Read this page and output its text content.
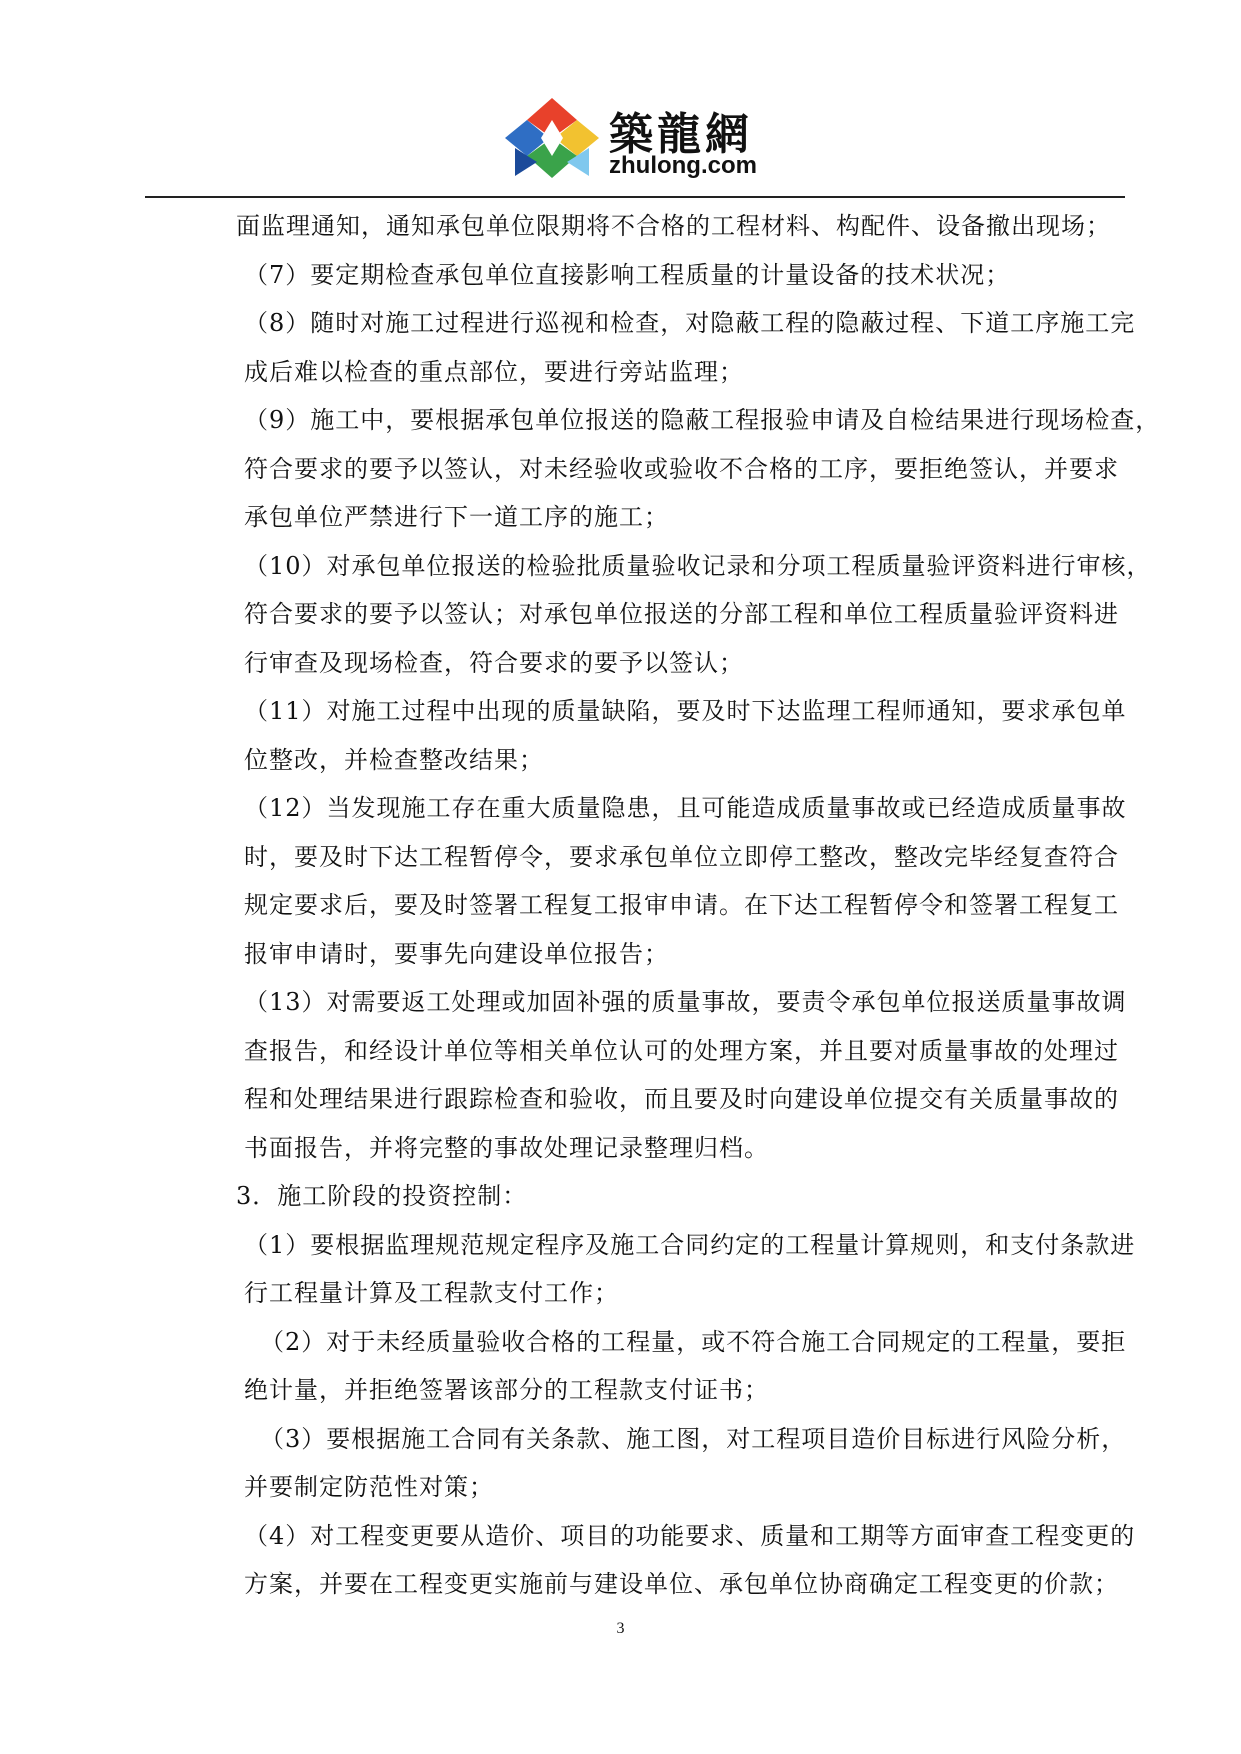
築龍網
zhulong.com
面监理通知，通知承包单位限期将不合格的工程材料、构配件、设备撤出现场；
（7）要定期检查承包单位直接影响工程质量的计量设备的技术状况；
（8）随时对施工过程进行巡视和检查，对隐蔽工程的隐蔽过程、下道工序施工完
成后难以检查的重点部位，要进行旁站监理；
（9）施工中，要根据承包单位报送的隐蔽工程报验申请及自检结果进行现场检查，
符合要求的要予以签认，对未经验收或验收不合格的工序，要拒绝签认，并要求
承包单位严禁进行下一道工序的施工；
（10）对承包单位报送的检验批质量验收记录和分项工程质量验评资料进行审核，
符合要求的要予以签认；对承包单位报送的分部工程和单位工程质量验评资料进
行审查及现场检查，符合要求的要予以签认；
（11）对施工过程中出现的质量缺陷，要及时下达监理工程师通知，要求承包单
位整改，并检查整改结果；
（12）当发现施工存在重大质量隐患，且可能造成质量事故或已经造成质量事故
时，要及时下达工程暂停令，要求承包单位立即停工整改，整改完毕经复查符合
规定要求后，要及时签署工程复工报审申请。在下达工程暂停令和签署工程复工
报审申请时，要事先向建设单位报告；
（13）对需要返工处理或加固补强的质量事故，要责令承包单位报送质量事故调
查报告，和经设计单位等相关单位认可的处理方案，并且要对质量事故的处理过
程和处理结果进行跟踪检查和验收，而且要及时向建设单位提交有关质量事故的
书面报告，并将完整的事故处理记录整理归档。
3．施工阶段的投资控制：
（1）要根据监理规范规定程序及施工合同约定的工程量计算规则，和支付条款进
行工程量计算及工程款支付工作；
（2）对于未经质量验收合格的工程量，或不符合施工合同规定的工程量，要拒
绝计量，并拒绝签署该部分的工程款支付证书；
（3）要根据施工合同有关条款、施工图，对工程项目造价目标进行风险分析，
并要制定防范性对策；
（4）对工程变更要从造价、项目的功能要求、质量和工期等方面审查工程变更的
方案，并要在工程变更实施前与建设单位、承包单位协商确定工程变更的价款；
3
